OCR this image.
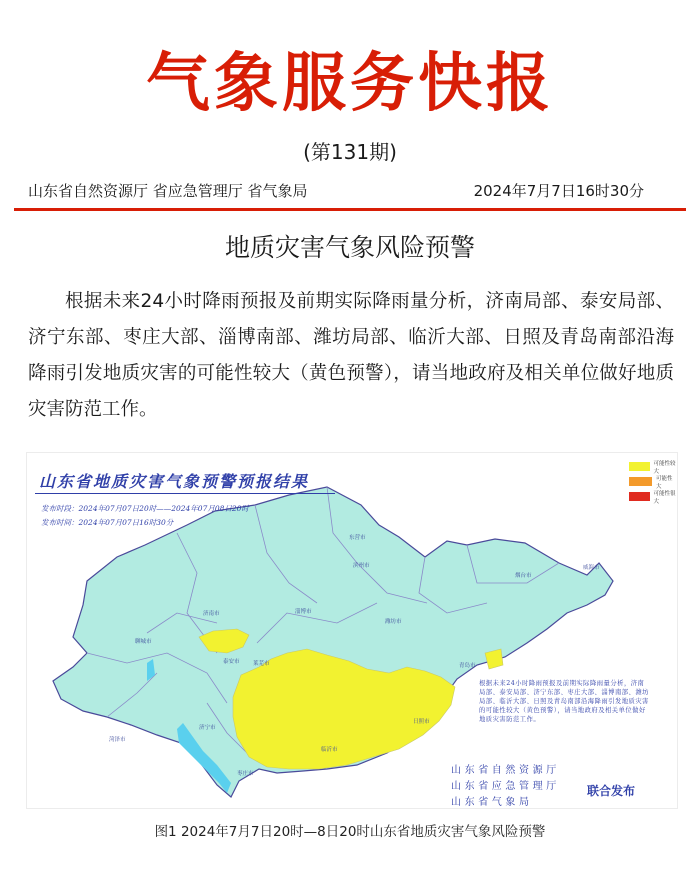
气象服务快报
(第131期)
山东省自然资源厅 省应急管理厅 省气象局	2024年7月7日16时30分
地质灾害气象风险预警
根据未来24小时降雨预报及前期实际降雨量分析，济南局部、泰安局部、济宁东部、枣庄大部、淄博南部、潍坊局部、临沂大部、日照及青岛南部沿海降雨引发地质灾害的可能性较大（黄色预警），请当地政府及相关单位做好地质灾害防范工作。
山东省地质灾害气象预警预报结果
发布时段：2024年07月07日20时——2024年07月08日20时
发布时间：2024年07月07日16时30分
可能性较大
可能性大
可能性很大
滨州市
东营市
威海市
烟台市
淄博市
潍坊市
济南市
聊城市
泰安市 莱芜市	青岛市
日照市
济宁市
菏泽市
临沂市
枣庄市
根据未来24小时降雨预报及前期实际降雨量分析，济南局部、泰安局部、济宁东部、枣庄大部、淄博南部、潍坊局部、临沂大部、日照及青岛南部沿海降雨引发地质灾害的可能性较大（黄色预警），请当地政府及相关单位做好地质灾害防范工作。
山东省自然资源厅
山东省应急管理厅
山东省气象局
联合发布
图1 2024年7月7日20时—8日20时山东省地质灾害气象风险预警
